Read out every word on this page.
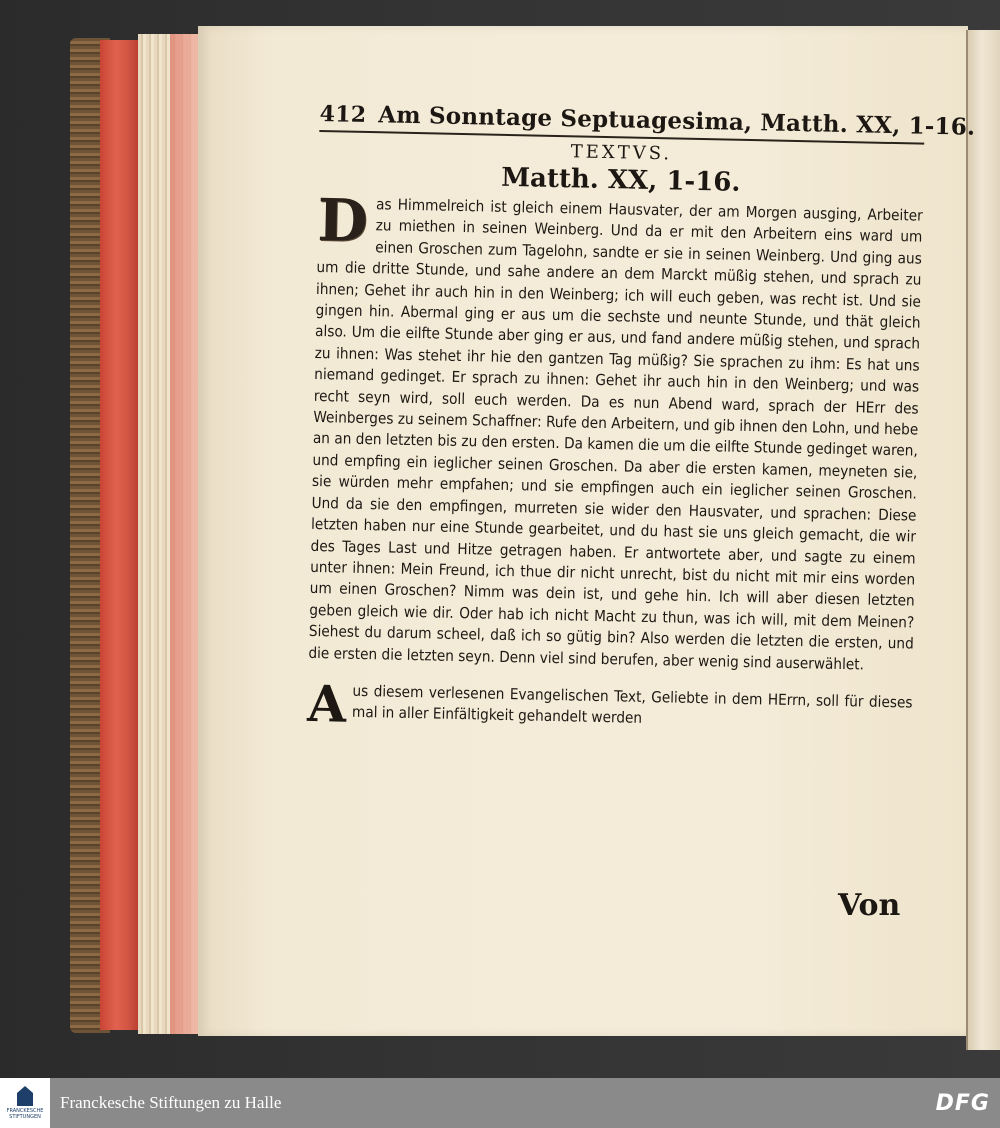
412 Am Sonntage Septuagesima, Matth. XX, 1-16.
TEXTVS.
Matth. XX, 1-16.
D as Himmelreich ist gleich einem Hausvater, der am Morgen ausging, Arbeiter zu miethen in seinen Weinberg. Und da er mit den Arbeitern eins ward um einen Groschen zum Tagelohn, sandte er sie in seinen Weinberg. Und ging aus um die dritte Stunde, und sahe andere an dem Marckt müßig stehen, und sprach zu ihnen; Gehet ihr auch hin in den Weinberg; ich will euch geben, was recht ist. Und sie gingen hin. Abermal ging er aus um die sechste und neunte Stunde, und thät gleich also. Um die eilfte Stunde aber ging er aus, und fand andere müßig stehen, und sprach zu ihnen: Was stehet ihr hie den gantzen Tag müßig? Sie sprachen zu ihm: Es hat uns niemand gedinget. Er sprach zu ihnen: Gehet ihr auch hin in den Weinberg; und was recht seyn wird, soll euch werden. Da es nun Abend ward, sprach der HErr des Weinberges zu seinem Schaffner: Rufe den Arbeitern, und gib ihnen den Lohn, und hebe an an den letzten bis zu den ersten. Da kamen die um die eilfte Stunde gedinget waren, und empfing ein ieglicher seinen Groschen. Da aber die ersten kamen, meyneten sie, sie würden mehr empfahen; und sie empfingen auch ein ieglicher seinen Groschen. Und da sie den empfingen, murreten sie wider den Hausvater, und sprachen: Diese letzten haben nur eine Stunde gearbeitet, und du hast sie uns gleich gemacht, die wir des Tages Last und Hitze getragen haben. Er antwortete aber, und sagte zu einem unter ihnen: Mein Freund, ich thue dir nicht unrecht, bist du nicht mit mir eins worden um einen Groschen? Nimm was dein ist, und gehe hin. Ich will aber diesen letzten geben gleich wie dir. Oder hab ich nicht Macht zu thun, was ich will, mit dem Meinen? Siehest du darum scheel, daß ich so gütig bin? Also werden die letzten die ersten, und die ersten die letzten seyn. Denn viel sind berufen, aber wenig sind auserwählet.
A us diesem verlesenen Evangelischen Text, Geliebte in dem HErrn, soll für dieses mal in aller Einfältigkeit gehandelt werden
Von
FRANCKESCHE STIFTUNGEN
Franckesche Stiftungen zu Halle	DFG
